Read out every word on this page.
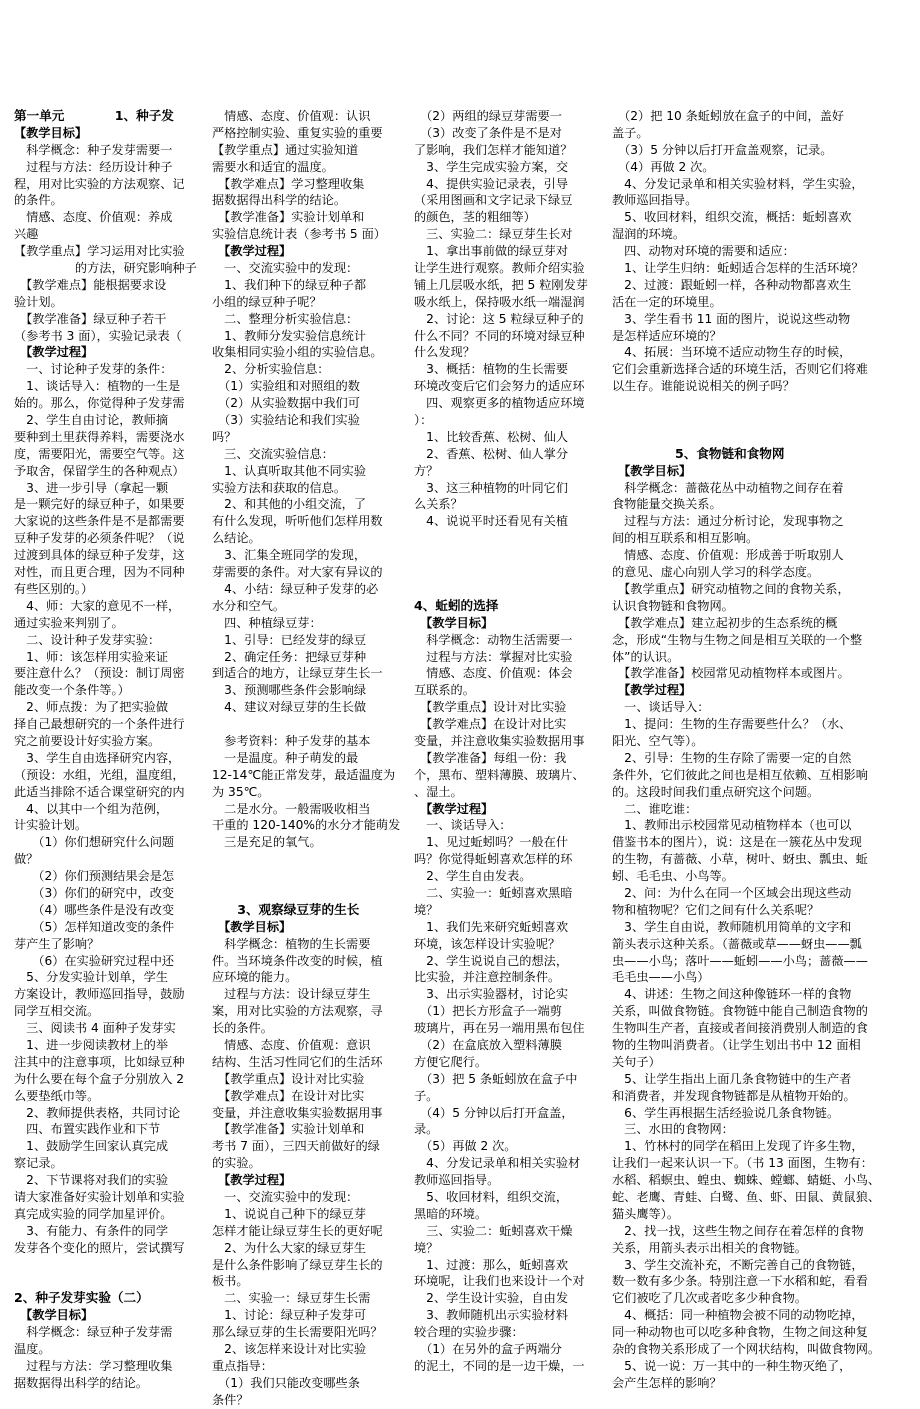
第一单元　　　　1、种子发
【教学目标】
　科学概念：种子发芽需要一
　过程与方法：经历设计种子
程，用对比实验的方法观察、记
的条件。
　情感、态度、价值观：养成
兴趣
【教学重点】学习运用对比实验
　　　　　的方法，研究影响种子
　【教学难点】能根据要求设
验计划。
　【教学准备】绿豆种子若干
（参考书 3 面），实验记录表（
　【教学过程】
　一、讨论种子发芽的条件：
　1、谈话导入：植物的一生是
始的。那么，你觉得种子发芽需
　2、学生自由讨论，教师摘
要种到土里获得养料，需要浇水
度，需要阳光，需要空气等。这
予取舍，保留学生的各种观点）
　3、进一步引导（拿起一颗
是一颗完好的绿豆种子，如果要
大家说的这些条件是不是都需要
豆种子发芽的必须条件呢？（说
过渡到具体的绿豆种子发芽，这
对性，而且更合理，因为不同种
有些区别的。）
　4、师：大家的意见不一样，
通过实验来判别了。
　二、设计种子发芽实验：
　1、师：该怎样用实验来证
要注意什么？（预设：制订周密
能改变一个条件等。）
　2、师点拨：为了把实验做
择自己最想研究的一个条件进行
究之前要设计好实验方案。
　3、学生自由选择研究内容，
（预设：水组，光组，温度组，
此适当排除不适合课堂研究的内
　4、以其中一个组为范例，
计实验计划。
　　（1）你们想研究什么问题
做？
　　（2）你们预测结果会是怎
　　（3）你们的研究中，改变
　　（4）哪些条件是没有改变
　　（5）怎样知道改变的条件
芽产生了影响？
　　（6）在实验研究过程中还
　5、分发实验计划单，学生
方案设计，教师巡回指导，鼓励
同学互相交流。
　三、阅读书 4 面种子发芽实
　1、进一步阅读教材上的举
注其中的注意事项，比如绿豆种
为什么要在每个盒子分别放入 2
么要垫纸巾等。
　2、教师提供表格，共同讨论
　四、布置实践作业和下节
　1、鼓励学生回家认真完成
察记录。
　2、下节课将对我们的实验
请大家准备好实验计划单和实验
真完成实验的同学加星评价。
　3、有能力、有条件的同学
发芽各个变化的照片，尝试撰写
2、种子发芽实验（二）
　【教学目标】
　科学概念：绿豆种子发芽需
温度。
　过程与方法：学习整理收集
据数据得出科学的结论。
　情感、态度、价值观：认识
严格控制实验、重复实验的重要
【教学重点】通过实验知道
需要水和适宜的温度。
　【教学难点】学习整理收集
据数据得出科学的结论。
　【教学准备】实验计划单和
实验信息统计表（参考书 5 面）
　【教学过程】
　一、交流实验中的发现：
　1、我们种下的绿豆种子都
小组的绿豆种子呢？
　二、整理分析实验信息：
　1、教师分发实验信息统计
收集相同实验小组的实验信息。
　2、分析实验信息：
　（1）实验组和对照组的数
　（2）从实验数据中我们可
　（3）实验结论和我们实验
吗？
　三、交流实验信息：
　1、认真听取其他不同实验
实验方法和获取的信息。
　2、和其他的小组交流，了
有什么发现，听听他们怎样用数
么结论。
　3、汇集全班同学的发现，
芽需要的条件。对大家有异议的
　4、小结：绿豆种子发芽的必
水分和空气。
　四、种植绿豆芽：
　1、引导：已经发芽的绿豆
　2、确定任务：把绿豆芽种
到适合的地方，让绿豆芽生长一
　3、预测哪些条件会影响绿
　4、建议对绿豆芽的生长做
　参考资料：种子发芽的基本
　一是温度。种子萌发的最
12-14℃能正常发芽，最适温度为
为 35℃。
　二是水分。一般需吸收相当
干重的 120-140%的水分才能萌发
　三是充足的氧气。
　　3、观察绿豆芽的生长
　【教学目标】
　科学概念：植物的生长需要
件。当环境条件改变的时候，植
应环境的能力。
　过程与方法：设计绿豆芽生
案，用对比实验的方法观察，寻
长的条件。
　情感、态度、价值观：意识
结构、生活习性同它们的生活环
　【教学重点】设计对比实验
　【教学难点】在设计对比实
变量，并注意收集实验数据用事
　【教学准备】实验计划单和
考书 7 面），三四天前做好的绿
的实验。
　【教学过程】
　一、交流实验中的发现：
　1、说说自己种下的绿豆芽
怎样才能让绿豆芽生长的更好呢
　2、为什么大家的绿豆芽生
是什么条件影响了绿豆芽生长的
板书。
　二、实验一：绿豆芽生长需
　1、讨论：绿豆种子发芽可
那么绿豆芽的生长需要阳光吗？
　2、该怎样来设计对比实验
重点指导：
　（1）我们只能改变哪些条
条件？
　（2）两组的绿豆芽需要一
　（3）改变了条件是不是对
了影响，我们怎样才能知道？
　3、学生完成实验方案，交
　4、提供实验记录表，引导
（采用图画和文字记录下绿豆
的颜色，茎的粗细等）
　三、实验二：绿豆芽生长对
　1、拿出事前做的绿豆芽对
让学生进行观察。教师介绍实验
铺上几层吸水纸，把 5 粒刚发芽
吸水纸上，保持吸水纸一端湿润
　2、讨论：这 5 粒绿豆种子的
什么不同？不同的环境对绿豆种
什么发现？
　3、概括：植物的生长需要
环境改变后它们会努力的适应环
　四、观察更多的植物适应环境
）：
　1、比较香蕉、松树、仙人
　2、香蕉、松树、仙人掌分
方？
　3、这三种植物的叶同它们
么关系？
　4、说说平时还看见有关植
4、蚯蚓的选择
　【教学目标】
　科学概念：动物生活需要一
　过程与方法：掌握对比实验
　情感、态度、价值观：体会
互联系的。
　【教学重点】设计对比实验
　【教学难点】在设计对比实
变量，并注意收集实验数据用事
　【教学准备】每组一份：我
个，黑布、塑料薄膜、玻璃片、
、湿土。
　【教学过程】
　一、谈话导入：
　1、见过蚯蚓吗？一般在什
吗？你觉得蚯蚓喜欢怎样的环
　2、学生自由发表。
　二、实验一：蚯蚓喜欢黑暗
境？
　1、我们先来研究蚯蚓喜欢
环境，该怎样设计实验呢？
　2、学生说说自己的想法，
比实验，并注意控制条件。
　3、出示实验器材，讨论实
　（1）把长方形盒子一端剪
玻璃片，再在另一端用黑布包住
　（2）在盒底放入塑料薄膜
方便它爬行。
　（3）把 5 条蚯蚓放在盒子中
子。
　（4）5 分钟以后打开盒盖，
录。
　（5）再做 2 次。
　4、分发记录单和相关实验材
教师巡回指导。
　5、收回材料，组织交流，
黑暗的环境。
　三、实验二：蚯蚓喜欢干燥
境？
　1、过渡：那么，蚯蚓喜欢
环境呢，让我们也来设计一个对
　2、学生设计实验，自由发
　3、教师随机出示实验材料
较合理的实验步骤：
　（1）在另外的盒子两端分
的泥土，不同的是一边干燥，一
　（2）把 10 条蚯蚓放在盒子的中间，盖好
盖子。
　（3）5 分钟以后打开盒盖观察，记录。
　（4）再做 2 次。
　4、分发记录单和相关实验材料，学生实验，
教师巡回指导。
　5、收回材料，组织交流，概括：蚯蚓喜欢
湿润的环境。
　四、动物对环境的需要和适应：
　1、让学生归纳：蚯蚓适合怎样的生活环境？
　2、过渡：跟蚯蚓一样，各种动物都喜欢生
活在一定的环境里。
　3、学生看书 11 面的图片，说说这些动物
是怎样适应环境的？
　4、拓展：当环境不适应动物生存的时候，
它们会重新选择合适的环境生活，否则它们将难
以生存。谁能说说相关的例子吗？
　　　　　5、食物链和食物网
　【教学目标】
　科学概念：蔷薇花丛中动植物之间存在着
食物能量交换关系。
　过程与方法：通过分析讨论，发现事物之
间的相互联系和相互影响。
　情感、态度、价值观：形成善于听取别人
的意见、虚心向别人学习的科学态度。
　【教学重点】研究动植物之间的食物关系，
认识食物链和食物网。
　【教学难点】建立起初步的生态系统的概
念，形成“生物与生物之间是相互关联的一个整
体”的认识。
　【教学准备】校园常见动植物样本或图片。
　【教学过程】
　一、谈话导入：
　1、提问：生物的生存需要些什么？（水、
阳光、空气等）。
　2、引导：生物的生存除了需要一定的自然
条件外，它们彼此之间也是相互依赖、互相影响
的。这段时间我们重点研究这个问题。
　二、谁吃谁：
　1、教师出示校园常见动植物样本（也可以
借鉴书本的图片），说：这是在一簇花丛中发现
的生物，有蔷薇、小草，树叶、蚜虫、瓢虫、蚯
蚓、毛毛虫、小鸟等。
　2、问：为什么在同一个区域会出现这些动
物和植物呢？它们之间有什么关系呢？
　3、学生自由说，教师随机用简单的文字和
箭头表示这种关系。（蔷薇或草——蚜虫——瓢
虫——小鸟；落叶——蚯蚓——小鸟；蔷薇——
毛毛虫——小鸟）
　4、讲述：生物之间这种像链环一样的食物
关系，叫做食物链。食物链中能自己制造食物的
生物叫生产者，直接或者间接消费别人制造的食
物的生物叫消费者。（让学生划出书中 12 面相
关句子）
　5、让学生指出上面几条食物链中的生产者
和消费者，并发现食物链都是从植物开始的。
　6、学生再根据生活经验说几条食物链。
　三、水田的食物网：
　1、竹林村的同学在稻田上发现了许多生物，
让我们一起来认识一下。（书 13 面图，生物有：
水稻、稻螟虫、蝗虫、蜘蛛、螳螂、蜻蜓、小鸟、
蛇、老鹰、青蛙、白鹭、鱼、虾、田鼠、黄鼠狼、
猫头鹰等）。
　2、找一找，这些生物之间存在着怎样的食物
关系，用箭头表示出相关的食物链。
　3、学生交流补充，不断完善自己的食物链，
数一数有多少条。特别注意一下水稻和蛇，看看
它们被吃了几次或者吃多少种食物。
　4、概括：同一种植物会被不同的动物吃掉，
同一种动物也可以吃多种食物，生物之间这种复
杂的食物关系形成了一个网状结构，叫做食物网。
　5、说一说：万一其中的一种生物灭绝了，
会产生怎样的影响？
